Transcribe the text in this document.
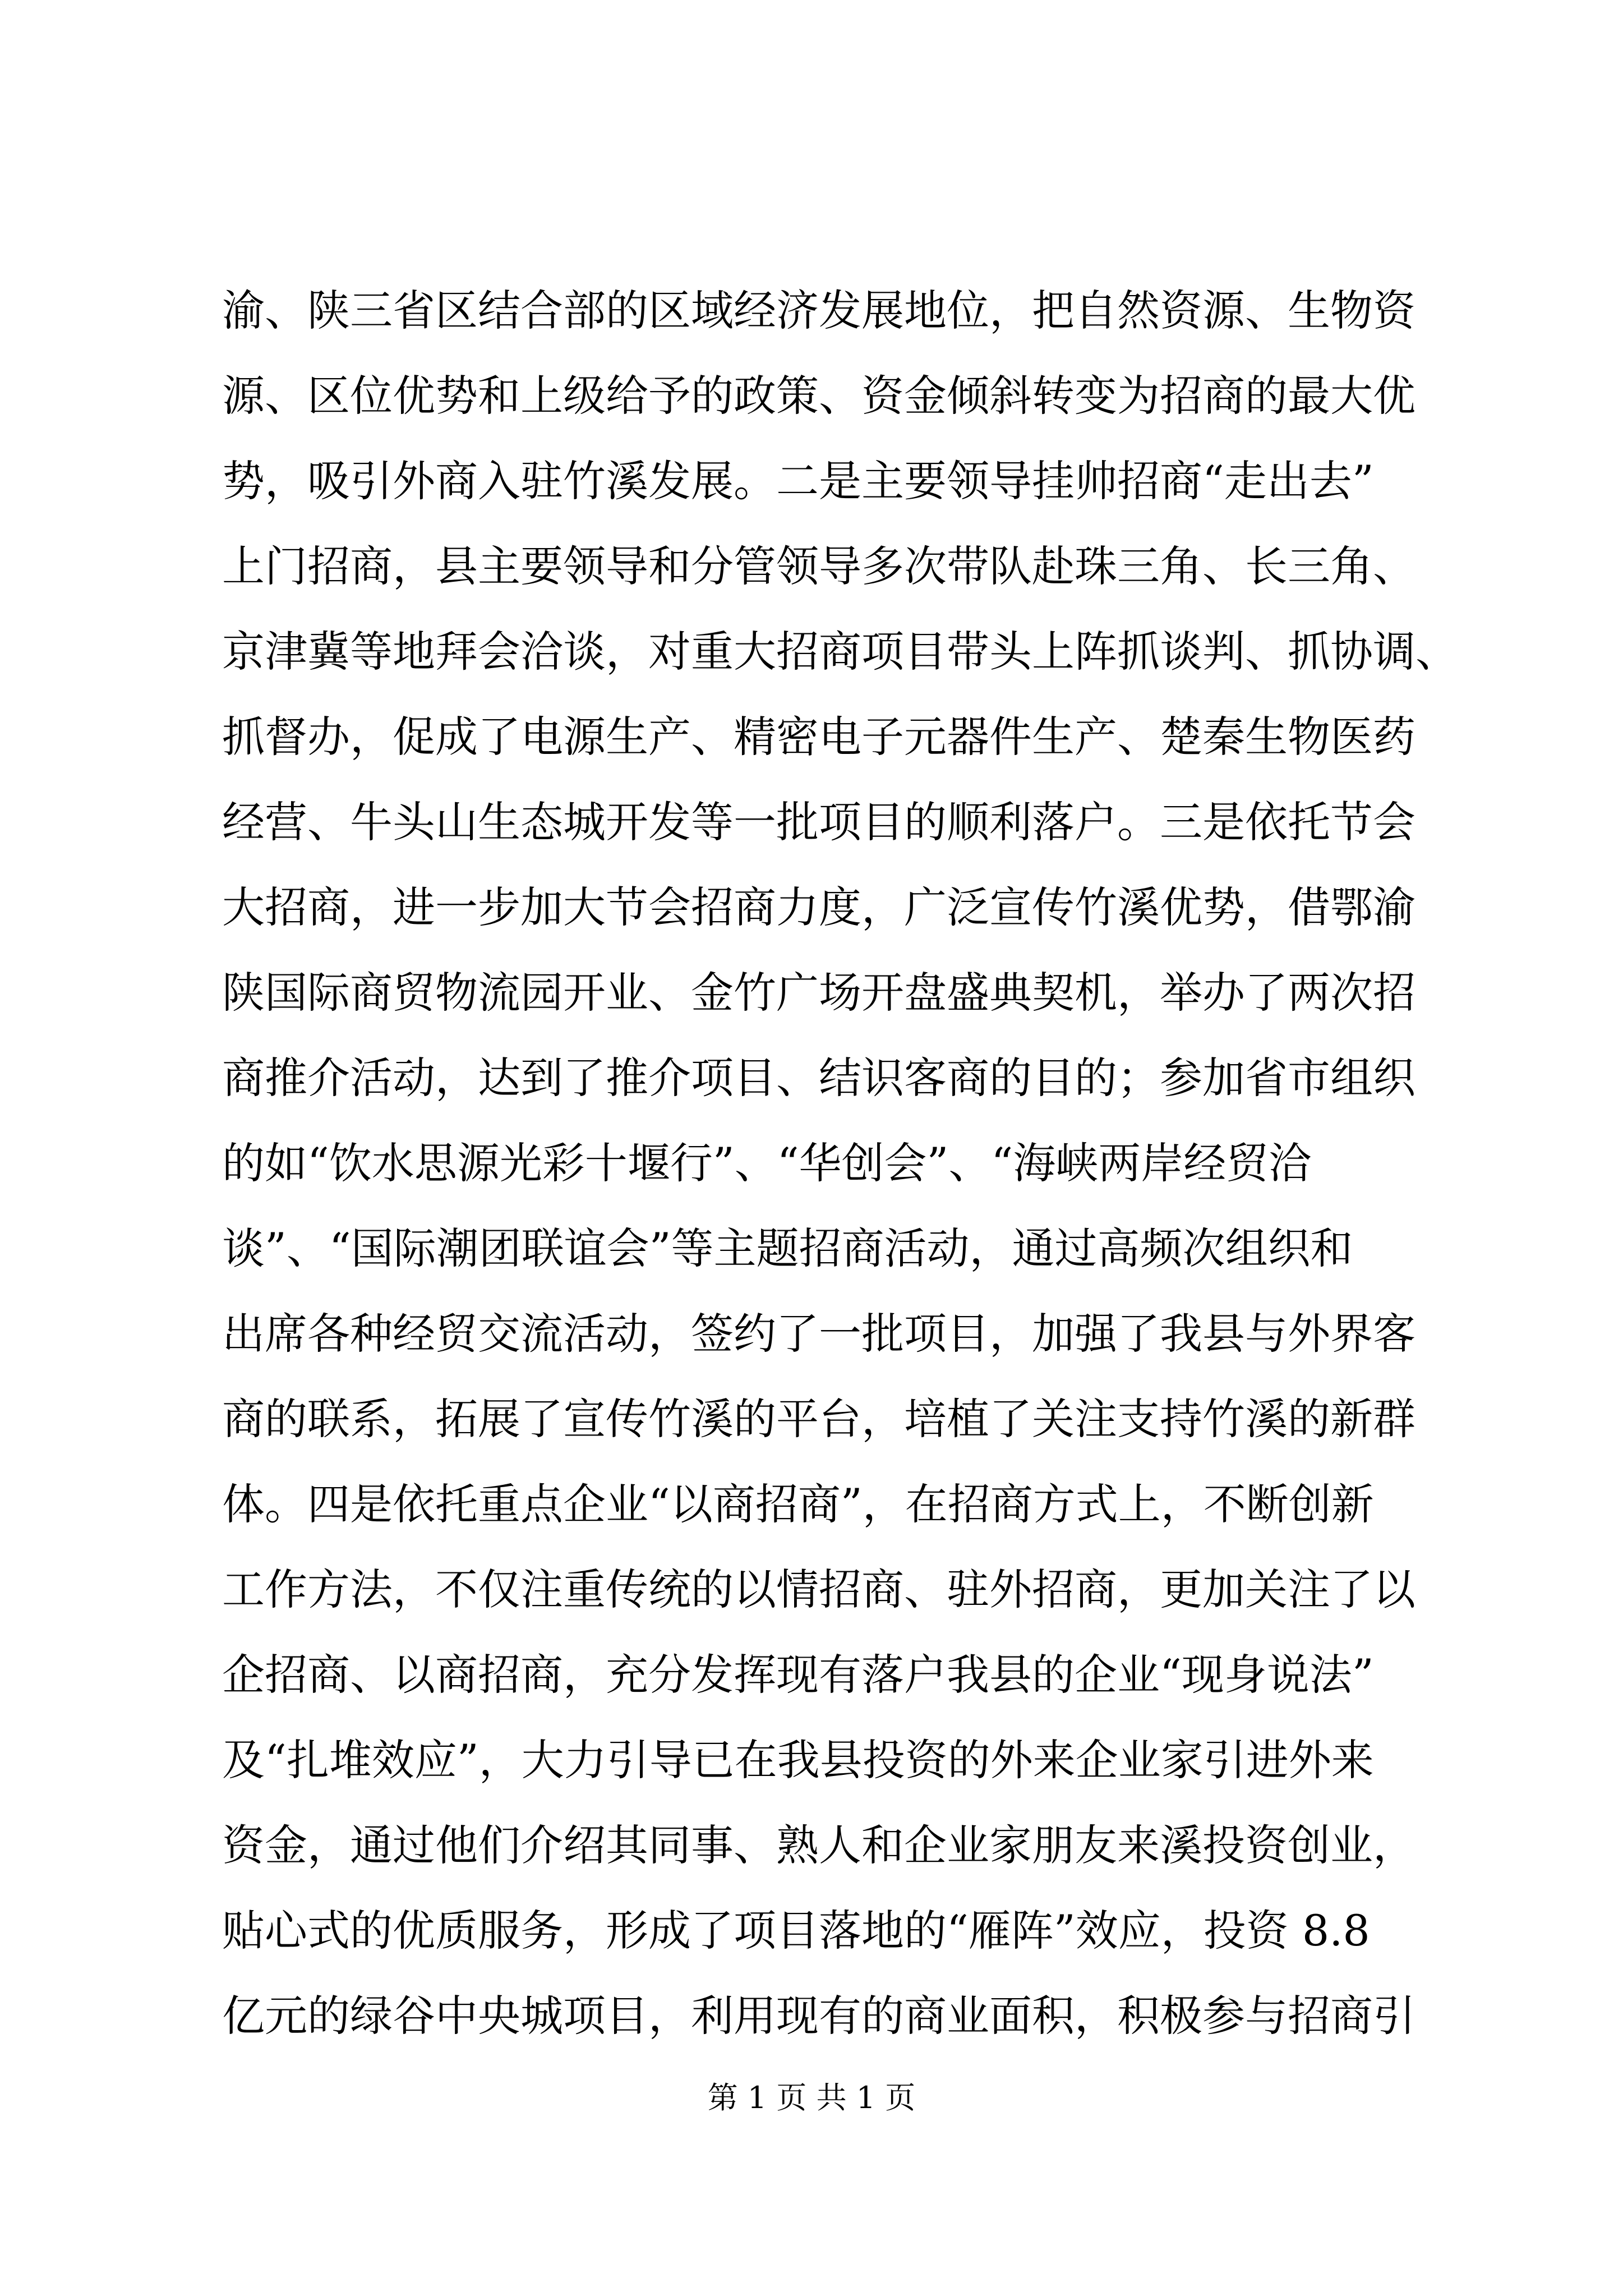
渝、陕三省区结合部的区域经济发展地位，把自然资源、生物资
源、区位优势和上级给予的政策、资金倾斜转变为招商的最大优
势，吸引外商入驻竹溪发展。二是主要领导挂帅招商“走出去”
上门招商，县主要领导和分管领导多次带队赴珠三角、长三角、
京津冀等地拜会洽谈，对重大招商项目带头上阵抓谈判、抓协调、
抓督办，促成了电源生产、精密电子元器件生产、楚秦生物医药
经营、牛头山生态城开发等一批项目的顺利落户。三是依托节会
大招商，进一步加大节会招商力度，广泛宣传竹溪优势，借鄂渝
陕国际商贸物流园开业、金竹广场开盘盛典契机，举办了两次招
商推介活动，达到了推介项目、结识客商的目的；参加省市组织
的如“饮水思源光彩十堰行”、“华创会”、“海峡两岸经贸洽
谈”、“国际潮团联谊会”等主题招商活动，通过高频次组织和
出席各种经贸交流活动，签约了一批项目，加强了我县与外界客
商的联系，拓展了宣传竹溪的平台，培植了关注支持竹溪的新群
体。四是依托重点企业“以商招商”，在招商方式上，不断创新
工作方法，不仅注重传统的以情招商、驻外招商，更加关注了以
企招商、以商招商，充分发挥现有落户我县的企业“现身说法”
及“扎堆效应”，大力引导已在我县投资的外来企业家引进外来
资金，通过他们介绍其同事、熟人和企业家朋友来溪投资创业，
贴心式的优质服务，形成了项目落地的“雁阵”效应，投资 8.8
亿元的绿谷中央城项目，利用现有的商业面积，积极参与招商引
第 1 页 共 1 页
